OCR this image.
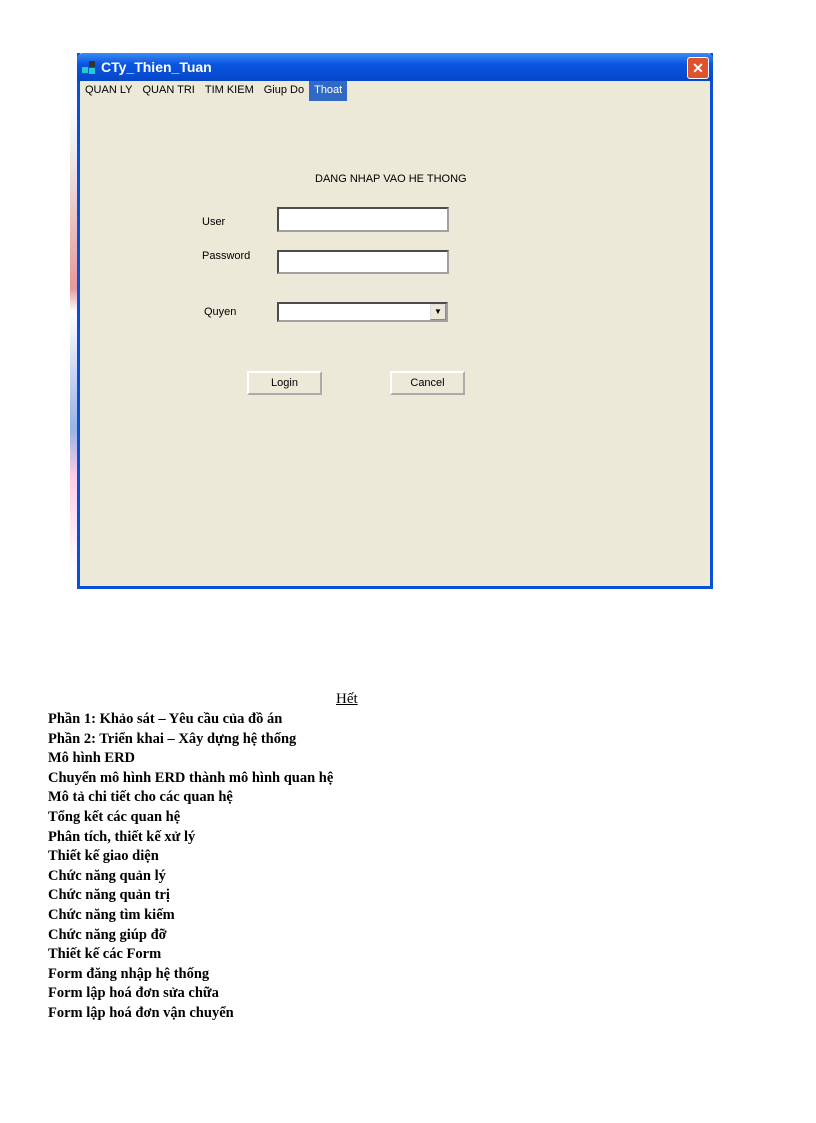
CTy_Thien_Tuan	✕
QUAN LY QUAN TRI TIM KIEM Giup Do Thoat
DANG NHAP VAO HE THONG
User
Password
Quyen	▼
Login	Cancel
Hết
Phần 1: Khảo sát – Yêu cầu của đồ án
Phần 2: Triển khai – Xây dựng hệ thống
Mô hình ERD
Chuyển mô hình ERD thành mô hình quan hệ
Mô tả chi tiết cho các quan hệ
Tổng kết các quan hệ
Phân tích, thiết kế xử lý
Thiết kế giao diện
Chức năng quản lý
Chức năng quản trị
Chức năng tìm kiếm
Chức năng giúp đỡ
Thiết kế các Form
Form đăng nhập hệ thống
Form lập hoá đơn sửa chữa
Form lập hoá đơn vận chuyển
